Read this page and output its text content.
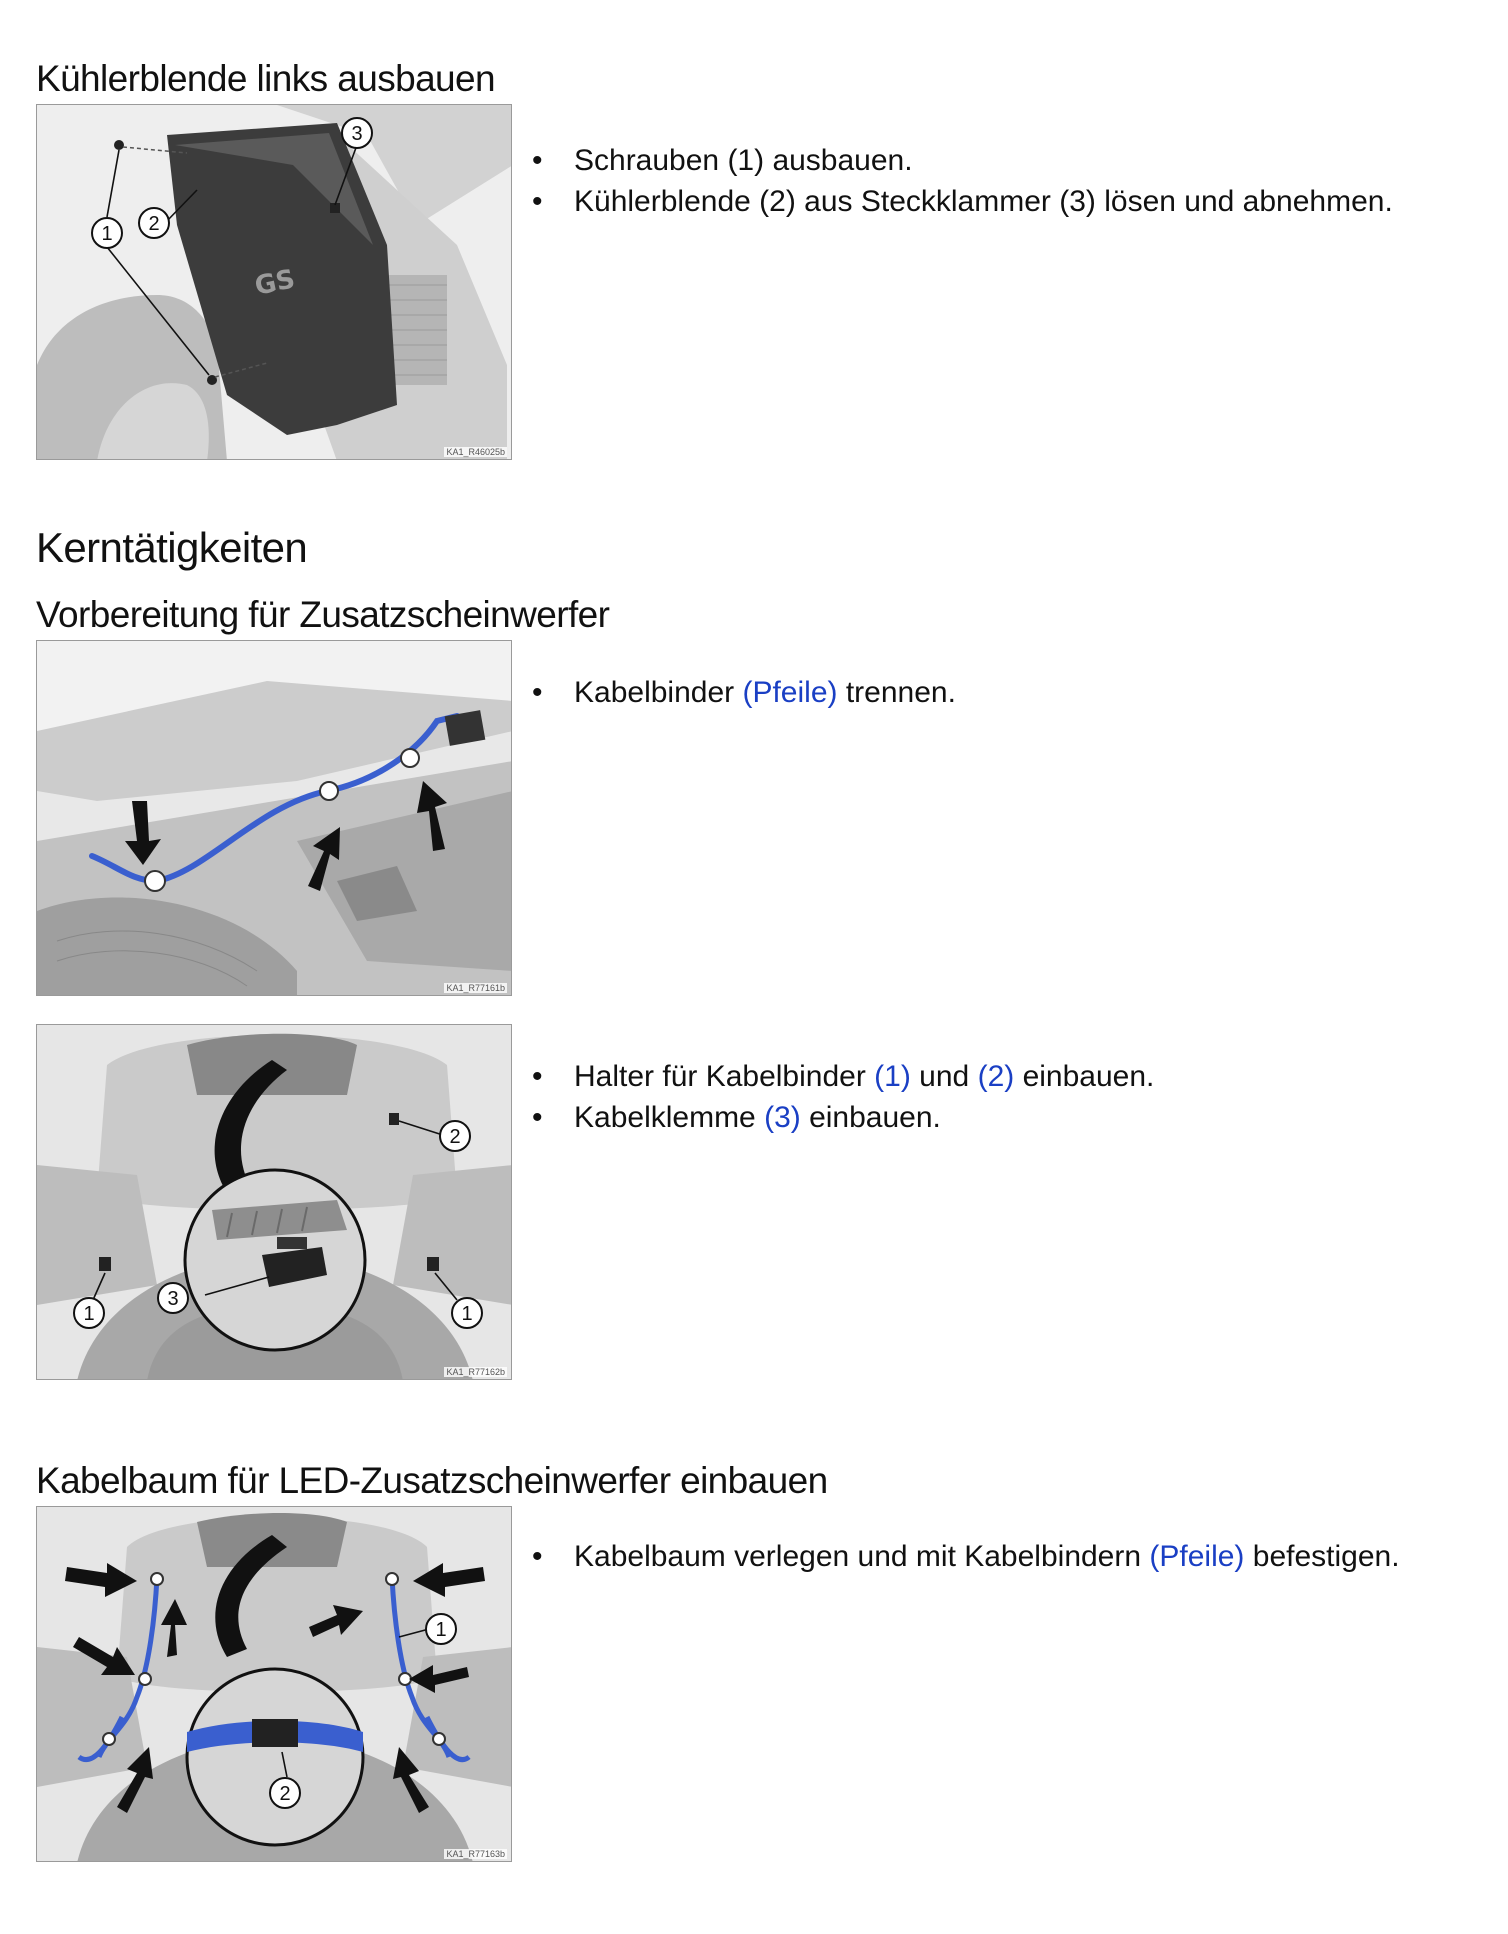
Kühlerblende links ausbauen
GS
1 2
3
KA1_R46025b
• Schrauben (1) ausbauen.
• Kühlerblende (2) aus Steckklammer (3) lösen und abnehmen.
Kerntätigkeiten
Vorbereitung für Zusatzscheinwerfer
KA1_R77161b
• Kabelbinder (Pfeile) trennen.
1
3
1
2
KA1_R77162b
• Halter für Kabelbinder (1) und (2) einbauen.
• Kabelklemme (3) einbauen.
Kabelbaum für LED-Zusatzscheinwerfer einbauen
1
2
KA1_R77163b
• Kabelbaum verlegen und mit Kabelbindern (Pfeile) befestigen.
